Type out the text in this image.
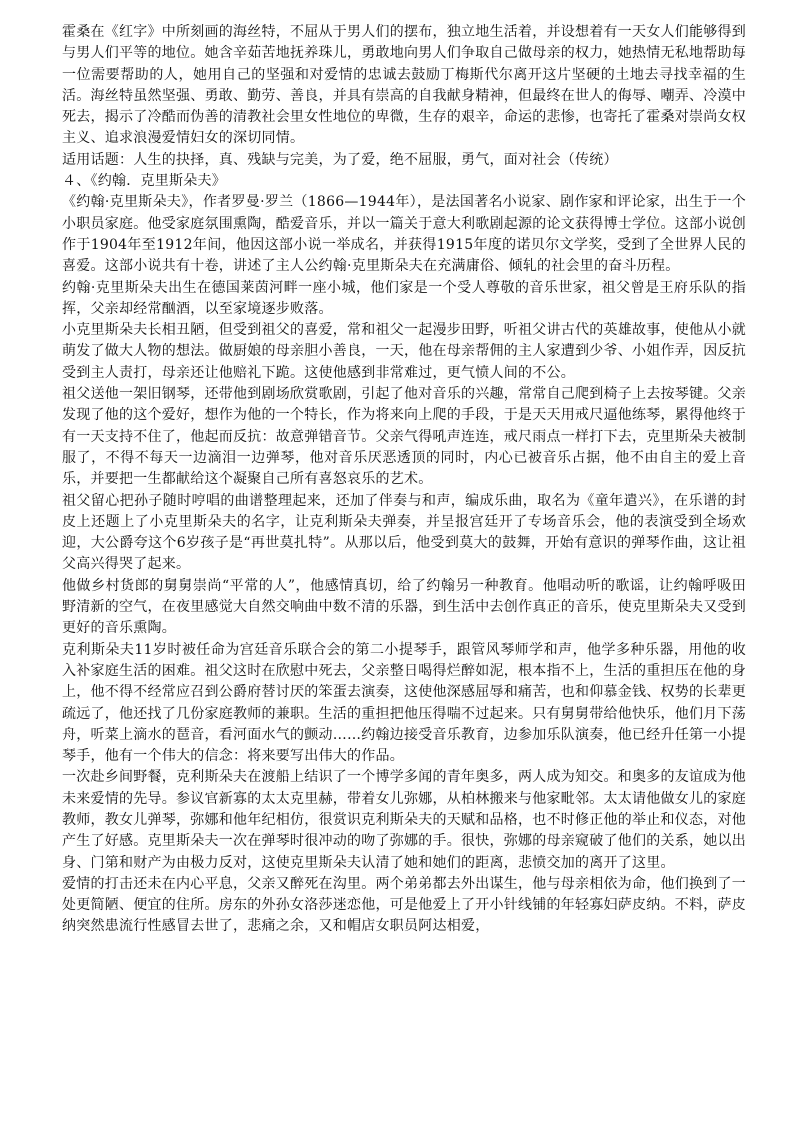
霍桑在《红字》中所刻画的海丝特，不屈从于男人们的摆布，独立地生活着，并设想着有一天女人们能够得到与男人们平等的地位。她含辛茹苦地抚养珠儿，勇敢地向男人们争取自己做母亲的权力，她热情无私地帮助每一位需要帮助的人，她用自己的坚强和对爱情的忠诚去鼓励丁梅斯代尔离开这片坚硬的土地去寻找幸福的生活。海丝特虽然坚强、勇敢、勤劳、善良，并具有崇高的自我献身精神，但最终在世人的侮辱、嘲弄、冷漠中死去，揭示了冷酷而伪善的清教社会里女性地位的卑微，生存的艰辛，命运的悲惨，也寄托了霍桑对崇尚女权主义、追求浪漫爱情妇女的深切同情。

适用话题：人生的抉择，真、残缺与完美，为了爱，绝不屈服，勇气，面对社会（传统）

４、《约翰．克里斯朵夫》

《约翰·克里斯朵夫》，作者罗曼·罗兰（1866—1944年），是法国著名小说家、剧作家和评论家，出生于一个小职员家庭。他受家庭氛围熏陶，酷爱音乐，并以一篇关于意大利歌剧起源的论文获得博士学位。这部小说创作于1904年至1912年间，他因这部小说一举成名，并获得1915年度的诺贝尔文学奖，受到了全世界人民的喜爱。这部小说共有十卷，讲述了主人公约翰·克里斯朵夫在充满庸俗、倾轧的社会里的奋斗历程。

约翰·克里斯朵夫出生在德国莱茵河畔一座小城，他们家是一个受人尊敬的音乐世家，祖父曾是王府乐队的指挥，父亲却经常酗酒，以至家境逐步败落。

小克里斯朵夫长相丑陋，但受到祖父的喜爱，常和祖父一起漫步田野，听祖父讲古代的英雄故事，使他从小就萌发了做大人物的想法。做厨娘的母亲胆小善良，一天，他在母亲帮佣的主人家遭到少爷、小姐作弄，因反抗受到主人责打，母亲还让他赔礼下跪。这使他感到非常难过，更气愤人间的不公。

祖父送他一架旧钢琴，还带他到剧场欣赏歌剧，引起了他对音乐的兴趣，常常自己爬到椅子上去按琴键。父亲发现了他的这个爱好，想作为他的一个特长，作为将来向上爬的手段，于是天天用戒尺逼他练琴，累得他终于有一天支持不住了，他起而反抗：故意弹错音节。父亲气得吼声连连，戒尺雨点一样打下去，克里斯朵夫被制服了，不得不每天一边滴泪一边弹琴，他对音乐厌恶透顶的同时，内心已被音乐占据，他不由自主的爱上音乐，并要把一生都献给这个凝聚自己所有喜怒哀乐的艺术。

祖父留心把孙子随时哼唱的曲谱整理起来，还加了伴奏与和声，编成乐曲，取名为《童年遣兴》，在乐谱的封皮上还题上了小克里斯朵夫的名字，让克利斯朵夫弹奏，并呈报宫廷开了专场音乐会，他的表演受到全场欢迎，大公爵夸这个6岁孩子是“再世莫扎特”。从那以后，他受到莫大的鼓舞，开始有意识的弹琴作曲，这让祖父高兴得哭了起来。

他做乡村货郎的舅舅崇尚“平常的人”，他感情真切，给了约翰另一种教育。他唱动听的歌谣，让约翰呼吸田野清新的空气，在夜里感觉大自然交响曲中数不清的乐器，到生活中去创作真正的音乐，使克里斯朵夫又受到更好的音乐熏陶。

克利斯朵夫11岁时被任命为宫廷音乐联合会的第二小提琴手，跟管风琴师学和声，他学多种乐器，用他的收入补家庭生活的困难。祖父这时在欣慰中死去，父亲整日喝得烂醉如泥，根本指不上，生活的重担压在他的身上，他不得不经常应召到公爵府替讨厌的笨蛋去演奏，这使他深感屈辱和痛苦，也和仰慕金钱、权势的长辈更疏远了，他还找了几份家庭教师的兼职。生活的重担把他压得喘不过起来。只有舅舅带给他快乐，他们月下荡舟，听菜上滴水的琶音，看河面水气的颤动……约翰边接受音乐教育，边参加乐队演奏，他已经升任第一小提琴手，他有一个伟大的信念：将来要写出伟大的作品。

一次赴乡间野餐，克利斯朵夫在渡船上结识了一个博学多闻的青年奥多，两人成为知交。和奥多的友谊成为他未来爱情的先导。参议官新寡的太太克里赫，带着女儿弥娜，从柏林搬来与他家毗邻。太太请他做女儿的家庭教师，教女儿弹琴，弥娜和他年纪相仿，很赏识克利斯朵夫的天赋和品格，也不时修正他的举止和仪态，对他产生了好感。克里斯朵夫一次在弹琴时很冲动的吻了弥娜的手。很快，弥娜的母亲窥破了他们的关系，她以出身、门第和财产为由极力反对，这使克里斯朵夫认清了她和她们的距离，悲愤交加的离开了这里。

爱情的打击还未在内心平息，父亲又醉死在沟里。两个弟弟都去外出谋生，他与母亲相依为命，他们换到了一处更简陋、便宜的住所。房东的外孙女洛莎迷恋他，可是他爱上了开小针线铺的年轻寡妇萨皮纳。不料，萨皮纳突然患流行性感冒去世了，悲痛之余，又和帽店女职员阿达相爱，
